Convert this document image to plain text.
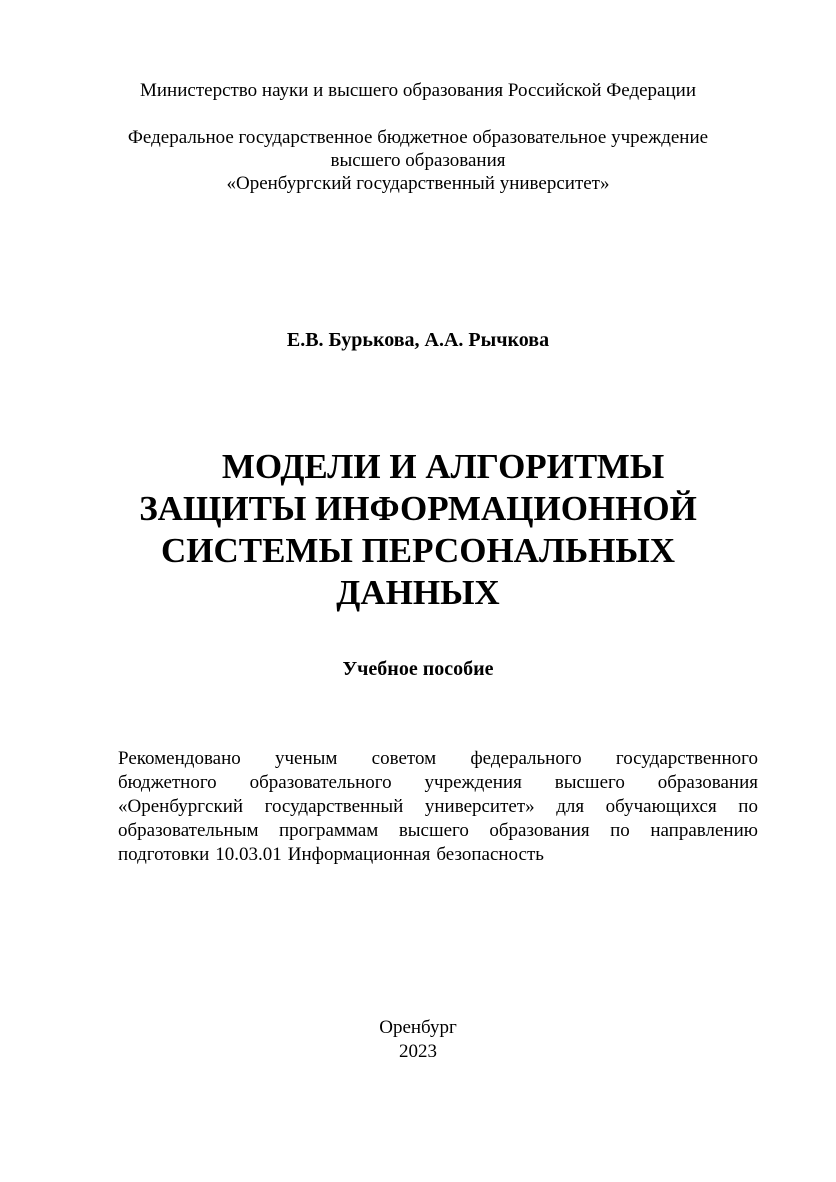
Министерство науки и высшего образования Российской Федерации
Федеральное государственное бюджетное образовательное учреждение
высшего образования
«Оренбургский государственный университет»
Е.В. Бурькова, А.А. Рычкова
МОДЕЛИ И АЛГОРИТМЫ
ЗАЩИТЫ ИНФОРМАЦИОННОЙ
СИСТЕМЫ ПЕРСОНАЛЬНЫХ
ДАННЫХ
Учебное пособие
Рекомендовано ученым советом федерального государственного
бюджетного образовательного учреждения высшего образования
«Оренбургский государственный университет» для обучающихся по
образовательным программам высшего образования по направлению
подготовки 10.03.01 Информационная безопасность
Оренбург
2023
